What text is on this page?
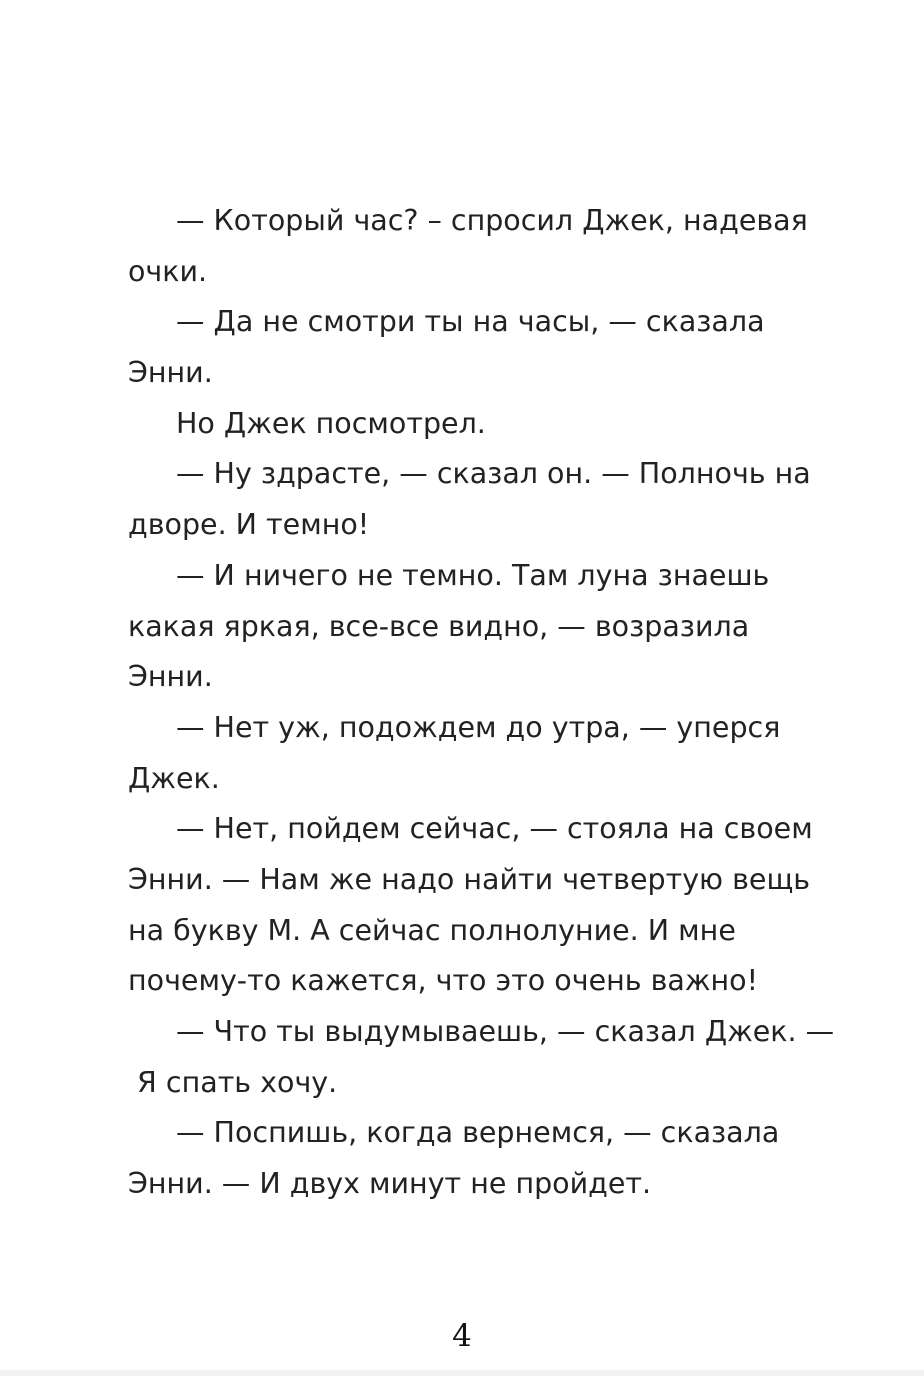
— Который час? – спросил Джек, надевая
очки.
— Да не смотри ты на часы, — сказала
Энни.
Но Джек посмотрел.
— Ну здрасте, — сказал он. — Полночь на
дворе. И темно!
— И ничего не темно. Там луна знаешь
какая яркая, все-все видно, — возразила
Энни.
— Нет уж, подождем до утра, — уперся
Джек.
— Нет, пойдем сейчас, — стояла на своем
Энни. — Нам же надо найти четвертую вещь
на букву М. А сейчас полнолуние. И мне
почему-то кажется, что это очень важно!
— Что ты выдумываешь, — сказал Джек. —
Я спать хочу.
— Поспишь, когда вернемся, — сказала
Энни. — И двух минут не пройдет.
4
